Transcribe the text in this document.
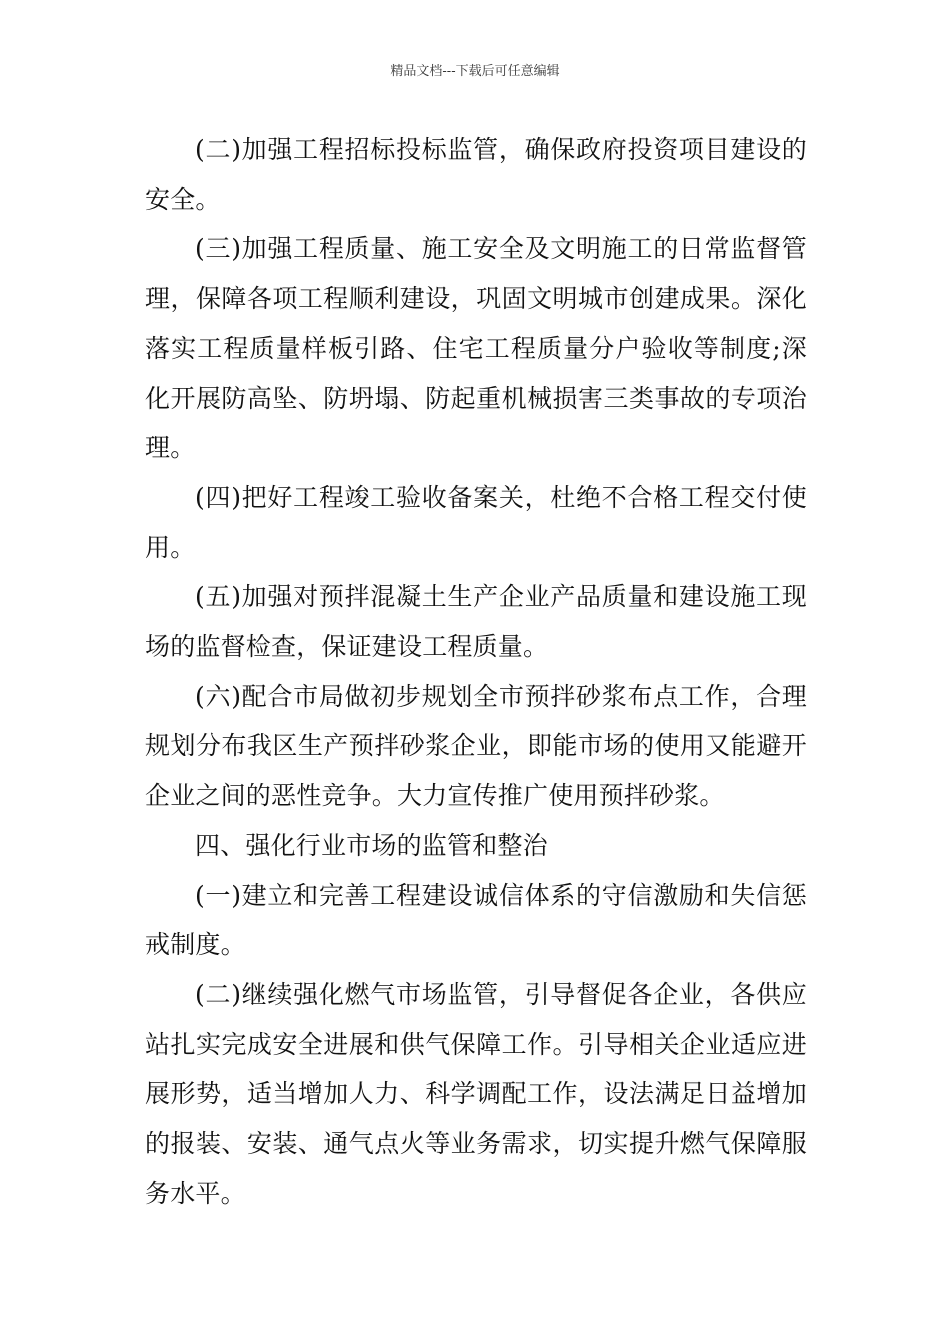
精品文档---下载后可任意编辑

(二)加强工程招标投标监管，确保政府投资项目建设的安全。

(三)加强工程质量、施工安全及文明施工的日常监督管理，保障各项工程顺利建设，巩固文明城市创建成果。深化落实工程质量样板引路、住宅工程质量分户验收等制度;深化开展防高坠、防坍塌、防起重机械损害三类事故的专项治理。

(四)把好工程竣工验收备案关，杜绝不合格工程交付使用。

(五)加强对预拌混凝土生产企业产品质量和建设施工现场的监督检查，保证建设工程质量。

(六)配合市局做初步规划全市预拌砂浆布点工作，合理规划分布我区生产预拌砂浆企业，即能市场的使用又能避开企业之间的恶性竞争。大力宣传推广使用预拌砂浆。

四、强化行业市场的监管和整治

(一)建立和完善工程建设诚信体系的守信激励和失信惩戒制度。

(二)继续强化燃气市场监管，引导督促各企业，各供应站扎实完成安全进展和供气保障工作。引导相关企业适应进展形势，适当增加人力、科学调配工作，设法满足日益增加的报装、安装、通气点火等业务需求，切实提升燃气保障服务水平。
